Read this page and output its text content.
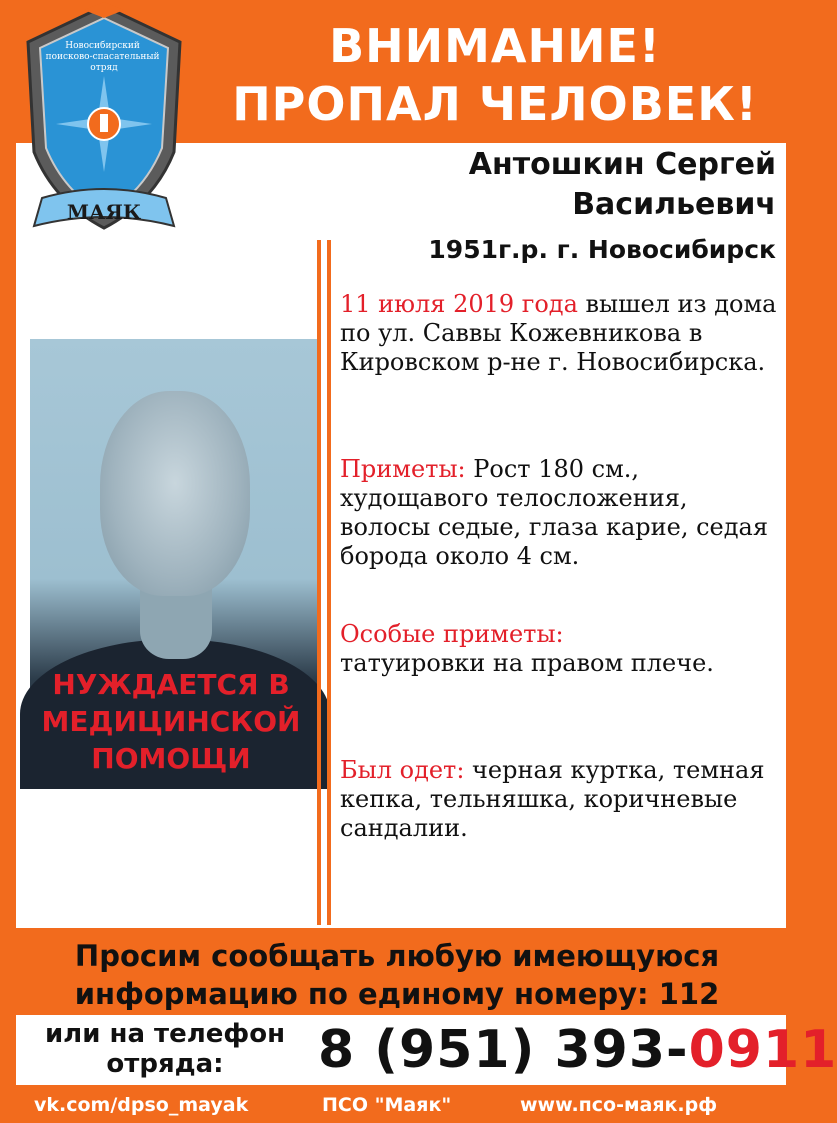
ВНИМАНИЕ!
ПРОПАЛ ЧЕЛОВЕК!
Новосибирский поисково-спасательный отряд
МАЯК
Антошкин Сергей
Васильевич
1951г.р. г. Новосибирск
11 июля 2019 года вышел из дома по ул. Саввы Кожевникова в Кировском р-не г. Новосибирска.
Приметы: Рост 180 см., худощавого телосложения, волосы седые, глаза карие, седая борода около 4 см.
Особые приметы:
татуировки на правом плече.
Был одет: черная куртка, темная кепка, тельняшка, коричневые сандалии.
НУЖДАЕТСЯ В
МЕДИЦИНСКОЙ
ПОМОЩИ
Просим сообщать любую имеющуюся
информацию по единому номеру: 112
или на телефон
отряда:	8 (951) 393-0911
vk.com/dpso_mayak	ПСО "Маяк"	www.псо-маяк.рф
